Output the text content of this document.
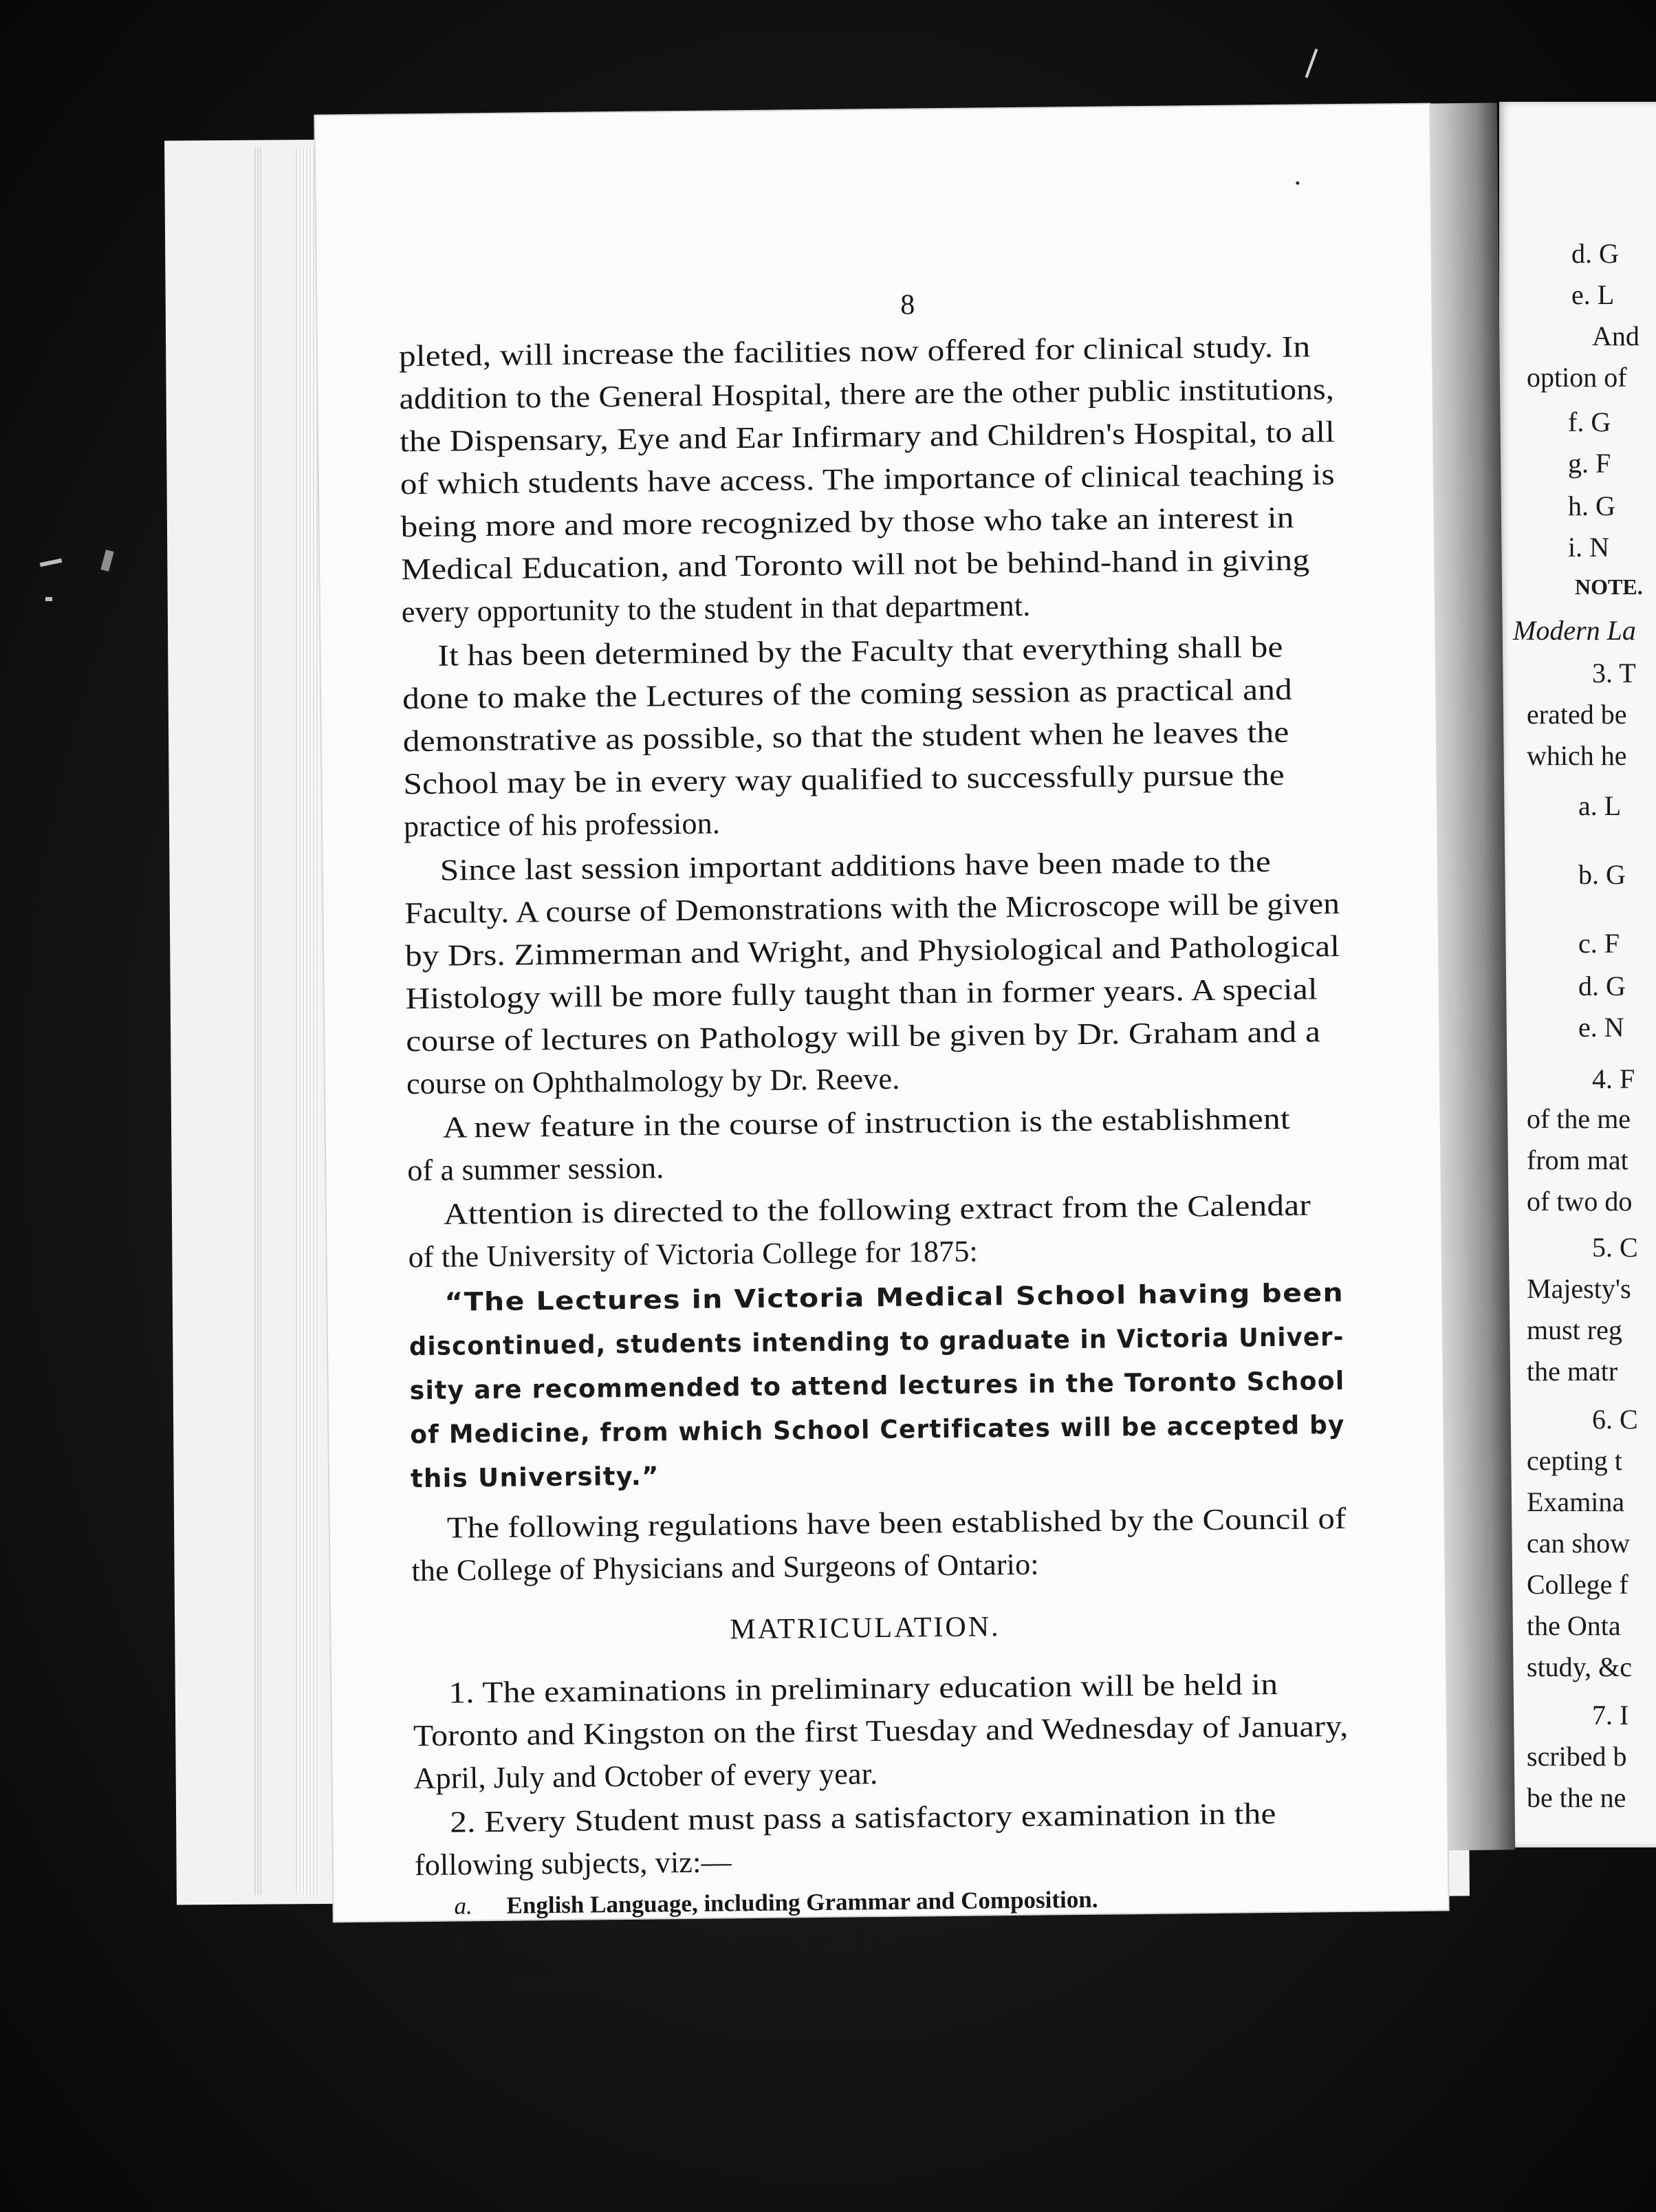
d. G
e. L
And
option of
f. G
g. F
h. G
i. N
NOTE.
Modern La
3. T
erated be
which he
a. L
b. G
c. F
d. G
e. N
4. F
of the me
from mat
of two do
5. C
Majesty's
must reg
the matr
6. C
cepting t
Examina
can show
College f
the Onta
study, &c
7. I
scribed b
be the ne
8
pleted, will increase the facilities now offered for clinical study. In
addition to the General Hospital, there are the other public institutions,
the Dispensary, Eye and Ear Infirmary and Children's Hospital, to all
of which students have access. The importance of clinical teaching is
being more and more recognized by those who take an interest in
Medical Education, and Toronto will not be behind-hand in giving
every opportunity to the student in that department.
It has been determined by the Faculty that everything shall be
done to make the Lectures of the coming session as practical and
demonstrative as possible, so that the student when he leaves the
School may be in every way qualified to successfully pursue the
practice of his profession.
Since last session important additions have been made to the
Faculty. A course of Demonstrations with the Microscope will be given
by Drs. Zimmerman and Wright, and Physiological and Pathological
Histology will be more fully taught than in former years. A special
course of lectures on Pathology will be given by Dr. Graham and a
course on Ophthalmology by Dr. Reeve.
A new feature in the course of instruction is the establishment
of a summer session.
Attention is directed to the following extract from the Calendar
of the University of Victoria College for 1875:
“The Lectures in Victoria Medical School having been
discontinued, students intending to graduate in Victoria Univer-
sity are recommended to attend lectures in the Toronto School
of Medicine, from which School Certificates will be accepted by
this University.”
The following regulations have been established by the Council of
the College of Physicians and Surgeons of Ontario:
MATRICULATION.
1. The examinations in preliminary education will be held in
Toronto and Kingston on the first Tuesday and Wednesday of January,
April, July and October of every year.
2. Every Student must pass a satisfactory examination in the
following subjects, viz:—
a. English Language, including Grammar and Composition.
b. Arithmetic, including Vulgar and Decimal Fractions.
c. Algebra, including Simple Equations.
